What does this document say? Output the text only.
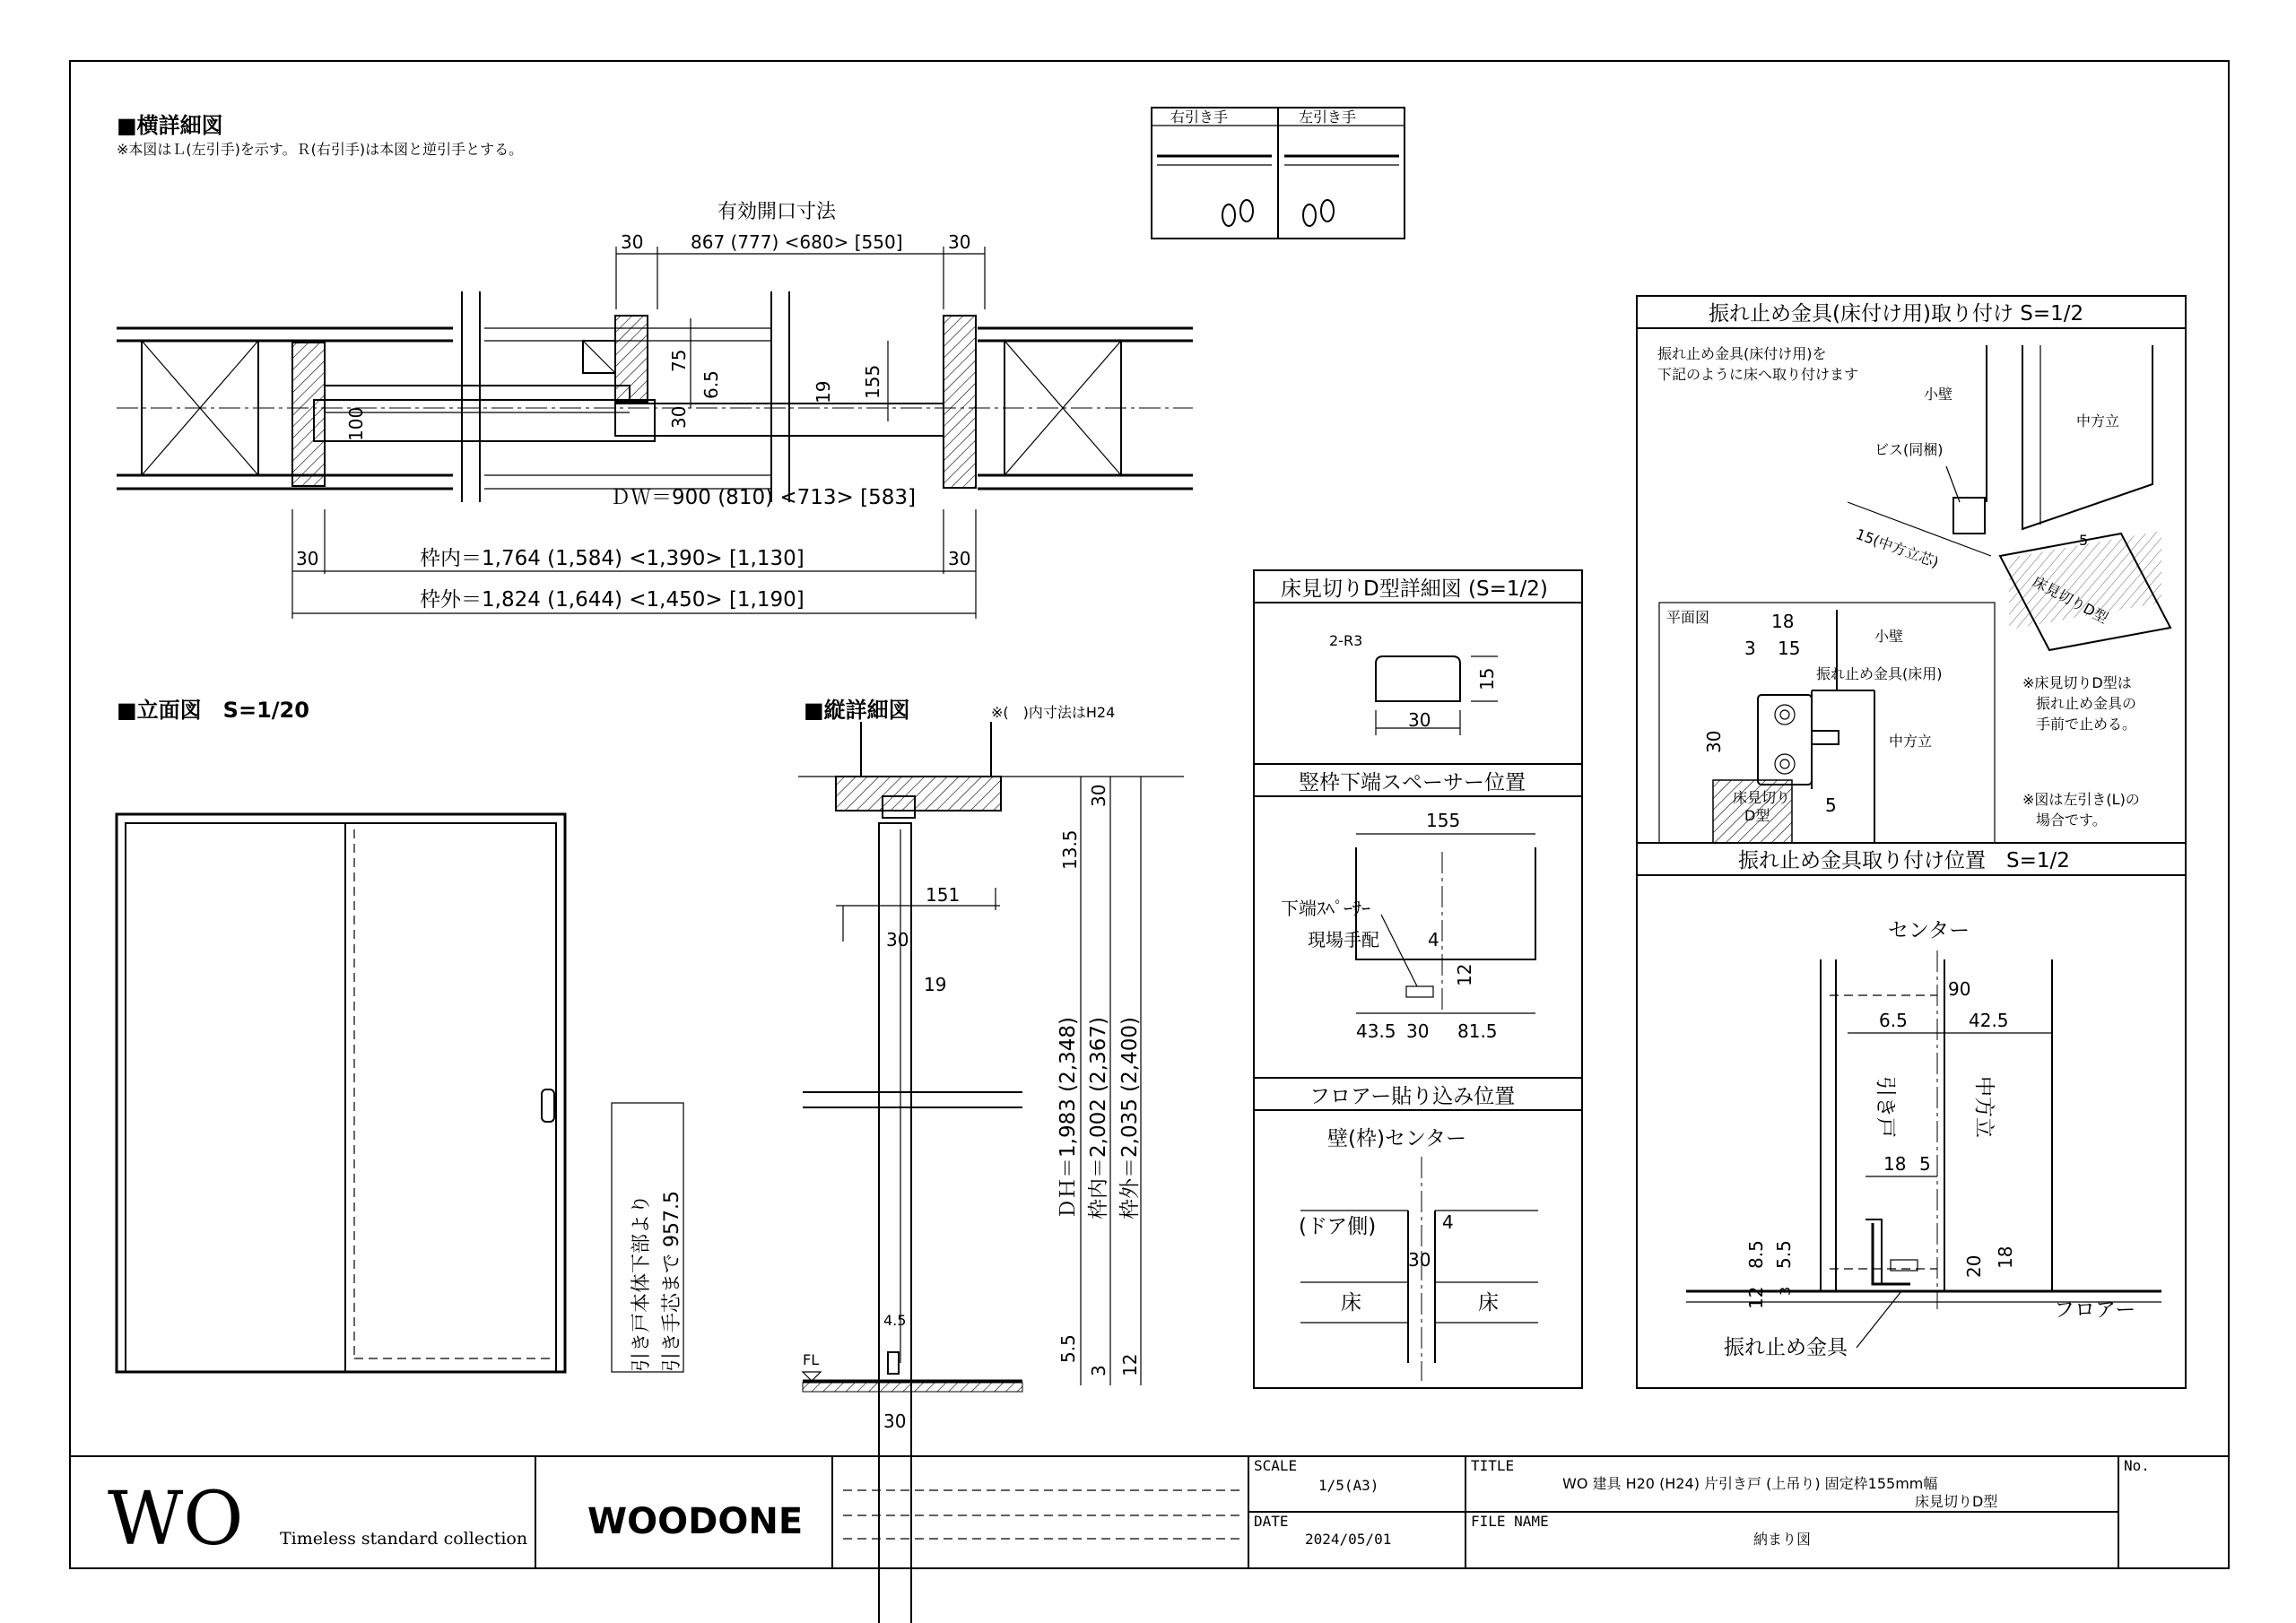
■横詳細図
※本図はＬ(左引手)を示す。Ｒ(右引手)は本図と逆引手とする。
有効開口寸法
30	867 (777) <680> [550]	30
75
6.5	19 155
30
100
ＤＷ＝900 (810) <713> [583]
30	30
枠内＝1,764 (1,584) <1,390> [1,130]
枠外＝1,824 (1,644) <1,450> [1,190]
右引き手	左引き手
■立面図　S=1/20
引き戸本体下部より 引き手芯まで 957.5
■縦詳細図	※(　)内寸法はH24
151
30
19
4.5
FL
30
30
13.5
ＤＨ＝1,983 (2,348) 枠内＝2,002 (2,367) 枠外＝2,035 (2,400)
5.5
3 12
床見切りD型詳細図 (S=1/2)
2-R3
30
15
竪枠下端スペーサー位置
155
下端ｽﾍﾟｰｻｰ
現場手配	4
12
43.5 30 81.5
フロアー貼り込み位置
壁(枠)センター
(ドア側)	4
30
床	床
振れ止め金具(床付け用)取り付け S=1/2
振れ止め金具(床付け用)を
下記のように床へ取り付けます
小壁
中方立
ビス(同梱)
15(中方立芯)	5
床見切りD型
平面図	18
3 15
小壁
振れ止め金具(床用)
中方立
30
床見切り
D型	5
※床見切りD型は
振れ止め金具の
手前で止める。
※図は左引き(L)の
場合です。
振れ止め金具取り付け位置　S=1/2
センター
90
6.5	42.5
引き戸	中方立
18 5
20 18
8.5 5.5
3
12
フロアー
振れ止め金具
WO Timeless standard collection WOODONE
SCALE
1/5(A3)
DATE
2024/05/01
TITLE
WO 建具 H20 (H24) 片引き戸 (上吊り) 固定枠155mm幅
床見切りD型
FILE NAME
納まり図
No.
